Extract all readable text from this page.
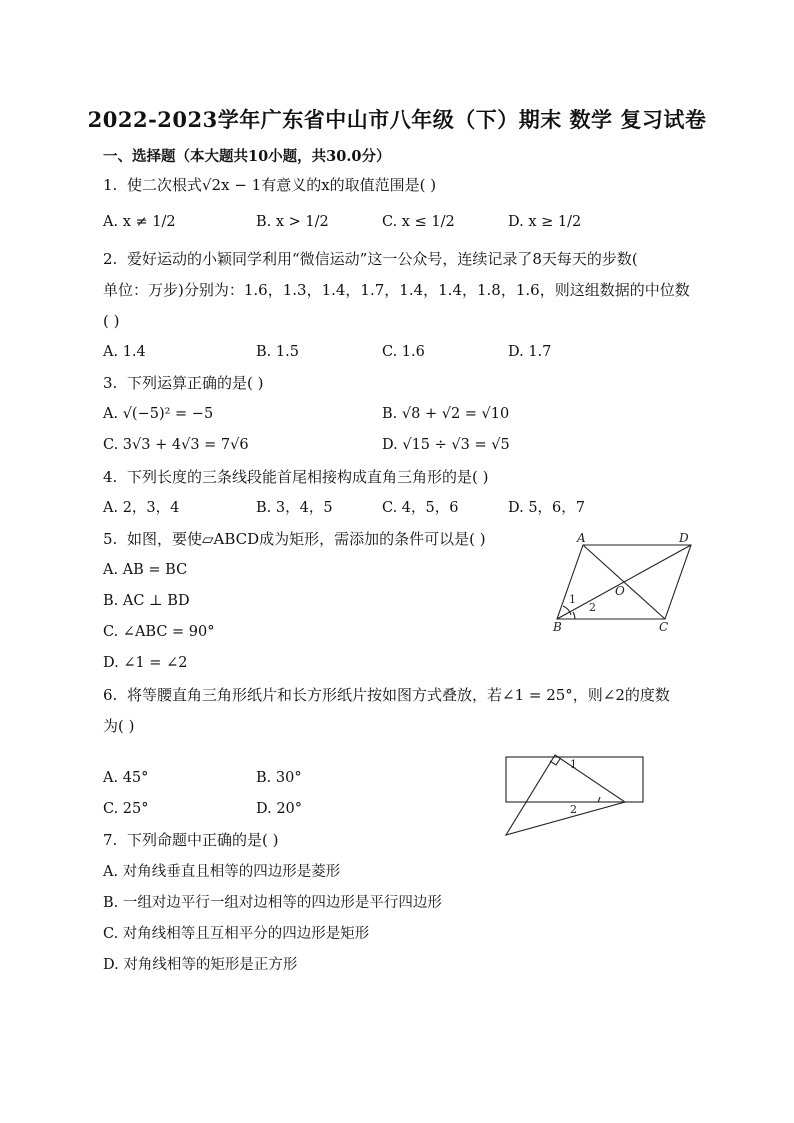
2022-2023学年广东省中山市八年级（下）期末 数学 复习试卷
一、选择题（本大题共10小题，共30.0分）
1. 使二次根式√2x − 1有意义的x的取值范围是( )
A. x ≠ 1/2	B. x > 1/2	C. x ≤ 1/2	D. x ≥ 1/2
2. 爱好运动的小颖同学利用“微信运动”这一公众号，连续记录了8天每天的步数(
单位：万步)分别为：1.6，1.3，1.4，1.7，1.4，1.4，1.8，1.6，则这组数据的中位数
( )
A. 1.4	B. 1.5	C. 1.6	D. 1.7
3. 下列运算正确的是( )
A. √(−5)² = −5	B. √8 + √2 = √10
C. 3√3 + 4√3 = 7√6	D. √15 ÷ √3 = √5
4. 下列长度的三条线段能首尾相接构成直角三角形的是( )
A. 2，3，4	B. 3，4，5	C. 4，5，6	D. 5，6，7
5. 如图，要使▱ABCD成为矩形，需添加的条件可以是( )
A. AB = BC
B. AC ⊥ BD
C. ∠ABC = 90°
D. ∠1 = ∠2
A	D
B	C
O
1
2
6. 将等腰直角三角形纸片和长方形纸片按如图方式叠放，若∠1 = 25°，则∠2的度数
为( )
A. 45°	B. 30°
C. 25°	D. 20°
1
2
7. 下列命题中正确的是( )
A. 对角线垂直且相等的四边形是菱形
B. 一组对边平行一组对边相等的四边形是平行四边形
C. 对角线相等且互相平分的四边形是矩形
D. 对角线相等的矩形是正方形
